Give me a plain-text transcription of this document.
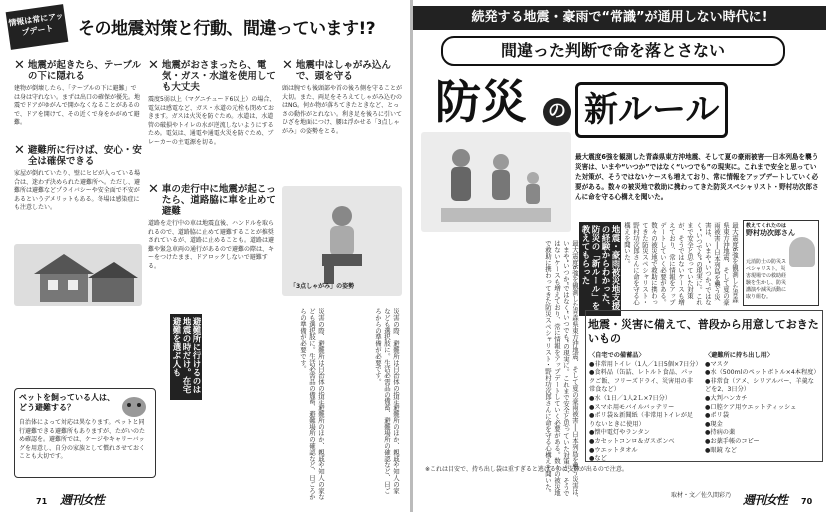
情報は常にアップデート	その地震対策と行動、間違っています!?
✕ 地震が起きたら、テーブルの下に隠れる
建物が倒壊したら、「テーブルの下に避難」では身は守れない。まずは出口の確保が優先。地震でドアがゆがんで開かなくなることがあるので、ドアを開けて、その近くで身をかがめて避難。
✕ 避難所に行けば、安心・安全は確保できる
家屋が倒れていたり、壁にヒビが入っている場合は、迷わず決められた避難所へ。ただし、避難所は避難などプライバシーや安全面で不安があるというデメリットもある。冬場は感染症にも注意したい。
✕ 地震がおさまったら、電気・ガス・水道を使用しても大丈夫
震度5弱以上（マグニチュード6以上）の場合、電気は感電など、ガス・水道の元栓も閉めておきます。ガスは火災を防ぐため。水道は、水道管の破損やトイレの水が逆流しないようにするため。電気は、通電や通電火災を防ぐため、ブレーカーの主電源を切る。
✕ 車の走行中に地震が起こったら、道路脇に車を止めて避難
道路を走行中の車は地震直後、ハンドルを取られるので、道路脇に止めて避難することが推奨されているが、道路に止めることも。道路は避難や緊急車両の通行があるので避難の際は、キーをつけたまま、ドアロックしないで避難する。
✕ 地震中はしゃがみ込んで、頭を守る
頭は腕でも後頭部や首の後ろ側を守ることが大切。また、両足をそろえてしゃがみ込むのはNG。何か物が落ちてきたときなど、とっさの動作がとれない。利き足を後ろに引いてひざを地面につけ、腰は浮かせる「3点しゃがみ」の姿勢をとる。
「3点しゃがみ」の姿勢
災害の際、避難所は自治体の指定避難所のほか、親戚や知人の家なども選択肢に。生活必需品の備蓄、避難場所の確認など、日ごろからの準備が必要です。
避難所に行けるのは地震の時だけ。在宅避難を選ぶ人も	災害の際、避難所は自治体の指定避難所のほか、親戚や知人の家なども選択肢に。生活必需品の備蓄、避難場所の確認など、日ごろからの準備が必要です。
ペットを飼っている人は、どう避難する？
自治体によって対応は異なります。ペットと同行避難できる避難所もありますが、たがいのため確認を。避難所では、ケージやキャリーバッグを用意し、自分の家族として慣れさせておくことも大切です。
71 週刊女性
続発する地震・豪雨で“常識”が通用しない時代に!
間違った判断で命を落とさない
防災 の 新ルール
最大震度6強を観測した青森県東方沖地震、そして夏の豪雨被害──日本列島を襲う災害は、いまや“いつか”ではなく“いつでも”の現実に。これまで安全と思っていた対策が、そうではないケースも増えており、常に情報をアップデートしていく必要がある。数々の被災地で救助に携わってきた防災スペシャリスト・野村功次郎さんに命を守る心構えを聞いた。
最大震度6強を観測した青森県東方沖地震、そして夏の豪雨被害──日本列島を襲う災害は、いまや“いつか”ではなく“いつでも”の現実に。これまで安全と思っていた対策が、そうではないケースも増えており、常に情報をアップデートしていく必要がある。数々の被災地で救助に携わってきた防災スペシャリスト・野村功次郎さんに命を守る心構えを聞いた。	地震・豪雨被災地支援の経験からわかった、防災の「新ルール」を教えてもらった	最大震度6強を観測した青森県東方沖地震、そして夏の豪雨被害──日本列島を襲う災害は、いまや“いつか”ではなく“いつでも”の現実に。これまで安全と思っていた対策が、そうではないケースも増えており、常に情報をアップデートしていく必要がある。数々の被災地で救助に携わってきた防災スペシャリスト・野村功次郎さんに命を守る心構えを聞いた。	教えてくれたのは
野村功次郎さん
元消防士の防災スペシャリスト。災害現場での救助経験を生かし、防災講演や減災活動に取り組む。
地震・災害に備えて、普段から用意しておきたいもの
〈自宅での備蓄品〉
●非常用トイレ（1人／1日5個×7日分）
●食料品（缶詰、レトルト食品、パックご飯、フリーズドライ、災害用の非常食など）
●水（1日／1人2Ｌ×7日分）
●スマホ用モバイルバッテリー
●ポリ袋＆新聞紙（非常用トイレが足りないときに使用）
●懐中電灯やランタン
●カセットコンロ＆ガスボンベ
●ウエットタオル
●など
〈避難所に持ち出し用〉
●マスク
●水（500mlのペットボトル×4本程度）
●非常食（アメ、シリアルバー、羊羹などを2、3日分）
●大判ハンカチ
●口腔ケア用ウエットティッシュ
●ポリ袋
●現金
●持病の薬
●お薬手帳のコピー
●眼鏡 など
※これは目安で、持ち出し袋は重すぎると逃げるのに支障が出るので注意。
取材・文／佐久間彩乃 週刊女性 70
